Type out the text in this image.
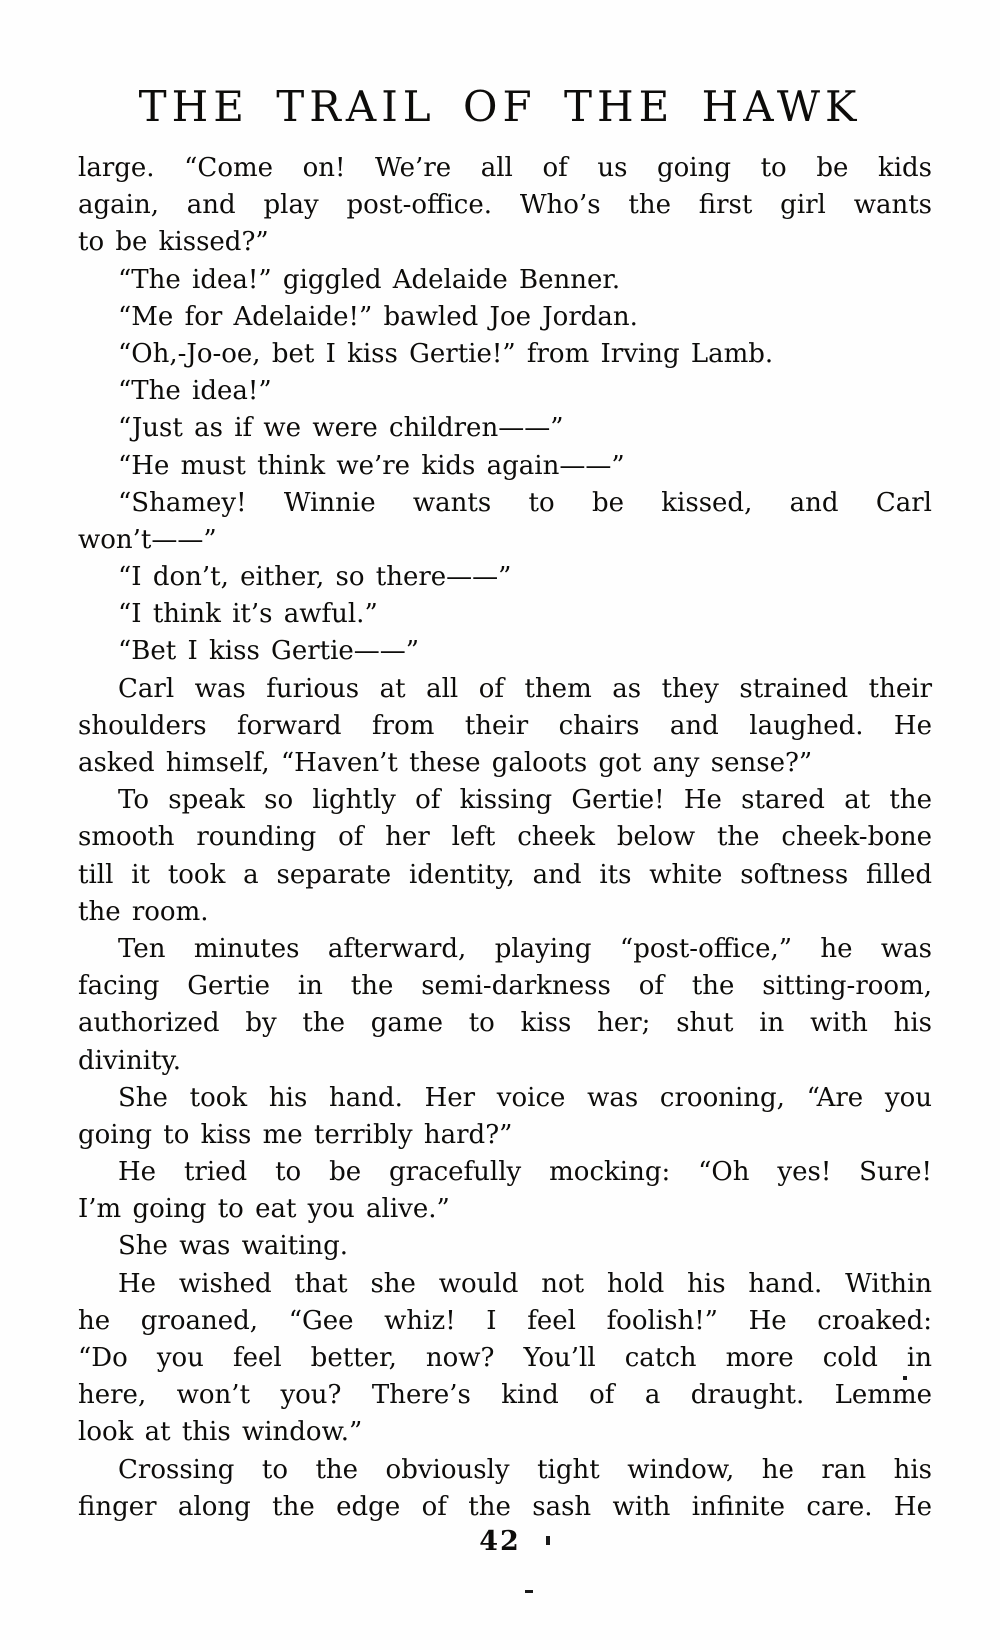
THE TRAIL OF THE HAWK
large. “Come on! We’re all of us going to be kids
again, and play post-office. Who’s the first girl wants
to be kissed?”
“The idea!” giggled Adelaide Benner.
“Me for Adelaide!” bawled Joe Jordan.
“Oh,-Jo-oe, bet I kiss Gertie!” from Irving Lamb.
“The idea!”
“Just as if we were children——”
“He must think we’re kids again——”
“Shamey! Winnie wants to be kissed, and Carl
won’t——”
“I don’t, either, so there——”
“I think it’s awful.”
“Bet I kiss Gertie——”
Carl was furious at all of them as they strained their
shoulders forward from their chairs and laughed. He
asked himself, “Haven’t these galoots got any sense?”
To speak so lightly of kissing Gertie! He stared at the
smooth rounding of her left cheek below the cheek-bone
till it took a separate identity, and its white softness filled
the room.
Ten minutes afterward, playing “post-office,” he was
facing Gertie in the semi-darkness of the sitting-room,
authorized by the game to kiss her; shut in with his
divinity.
She took his hand. Her voice was crooning, “Are you
going to kiss me terribly hard?”
He tried to be gracefully mocking: “Oh yes! Sure!
I’m going to eat you alive.”
She was waiting.
He wished that she would not hold his hand. Within
he groaned, “Gee whiz! I feel foolish!” He croaked:
“Do you feel better, now? You’ll catch more cold in
here, won’t you? There’s kind of a draught. Lemme
look at this window.”
Crossing to the obviously tight window, he ran his
finger along the edge of the sash with infinite care. He
42
